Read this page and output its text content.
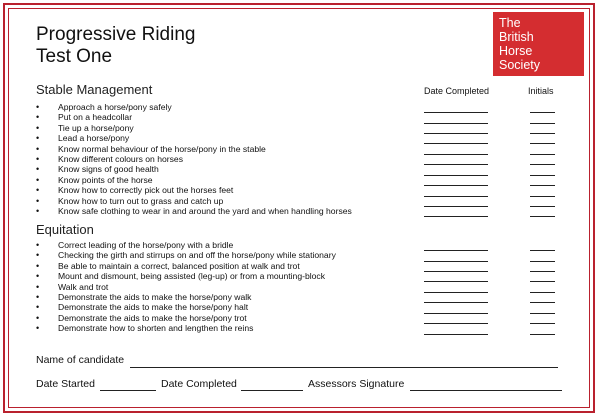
Progressive Riding
Test One
The
British
Horse
Society
Date Completed	Initials
Stable Management
• Approach a horse/pony safely
• Put on a headcollar
• Tie up a horse/pony
• Lead a horse/pony
• Know normal behaviour of the horse/pony in the stable
• Know different colours on horses
• Know signs of good health
• Know points of the horse
• Know how to correctly pick out the horses feet
• Know how to turn out to grass and catch up
• Know safe clothing to wear in and around the yard and when handling horses
Equitation
• Correct leading of the horse/pony with a bridle
• Checking the girth and stirrups on and off the horse/pony while stationary
• Be able to maintain a correct, balanced position at walk and trot
• Mount and dismount, being assisted (leg-up) or from a mounting-block
• Walk and trot
• Demonstrate the aids to make the horse/pony walk
• Demonstrate the aids to make the horse/pony halt
• Demonstrate the aids to make the horse/pony trot
• Demonstrate how to shorten and lengthen the reins
Name of candidate
Date Started	Date Completed	Assessors Signature
